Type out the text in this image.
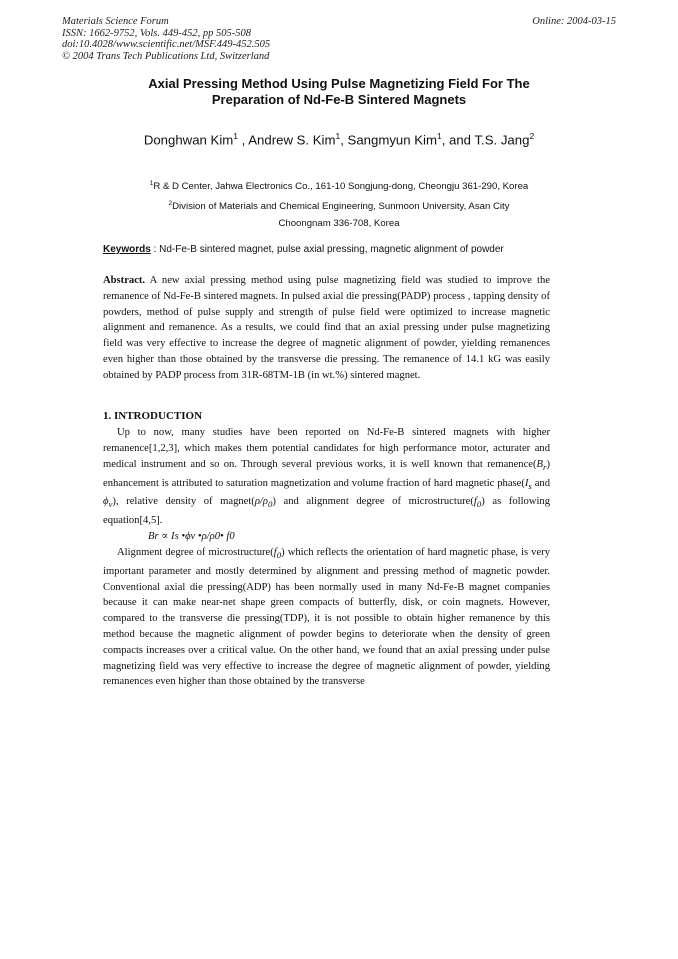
Materials Science Forum
ISSN: 1662-9752, Vols. 449-452, pp 505-508
doi:10.4028/www.scientific.net/MSF.449-452.505
© 2004 Trans Tech Publications Ltd, Switzerland
Online: 2004-03-15
Axial Pressing Method Using Pulse Magnetizing Field For The
Preparation of Nd-Fe-B Sintered Magnets
Donghwan Kim$^1$ , Andrew S. Kim$^1$, Sangmyun Kim$^1$, and T.S. Jang$^2$
$^1$R & D Center, Jahwa Electronics Co., 161-10 Songjung-dong, Cheongju 361-290, Korea
$^2$Division of Materials and Chemical Engineering, Sunmoon University, Asan City
Choongnam 336-708, Korea
Keywords : Nd-Fe-B sintered magnet, pulse axial pressing, magnetic alignment of powder

Abstract. A new axial pressing method using pulse magnetizing field was studied to improve the remanence of Nd-Fe-B sintered magnets. In pulsed axial die pressing(PADP) process , tapping density of powders, method of pulse supply and strength of pulse field were optimized to increase magnetic alignment and remanence. As a results, we could find that an axial pressing under pulse magnetizing field was very effective to increase the degree of magnetic alignment of powder, yielding remanences even higher than those obtained by the transverse die pressing. The remanence of 14.1 kG was easily obtained by PADP process from 31R-68TM-1B (in wt.%) sintered magnet.

1. INTRODUCTION

Up to now, many studies have been reported on Nd-Fe-B sintered magnets with higher remanence[1,2,3], which makes them potential candidates for high performance motor, acturater and medical instrument and so on. Through several previous works, it is well known that $remanence(B_r)$ enhancement is attributed to saturation magnetization and volume fraction of hard magnetic $phase(I_s$ and $\phi_v$), relative density of $magnet(\rho/\rho_0)$ and alignment degree of $microstructure(f_0)$ as following equation[4,5].

Br ∝ Is •ϕv •ρ/ρ0• f0

Alignment degree of $microstructure(f_0)$ which reflects the orientation of hard magnetic phase, is very important parameter and mostly determined by alignment and pressing method of magnetic powder. Conventional axial die pressing(ADP) has been normally used in many Nd-Fe-B magnet companies because it can make near-net shape green compacts of butterfly, disk, or coin magnets. However, compared to the transverse die pressing(TDP), it is not possible to obtain higher remanence by this method because the magnetic alignment of powder begins to deteriorate when the density of green compacts increases over a critical value. On the other hand, we found that an axial pressing under pulse magnetizing field was very effective to increase the degree of magnetic alignment of powder, yielding remanences even higher than those obtained by the transverse
